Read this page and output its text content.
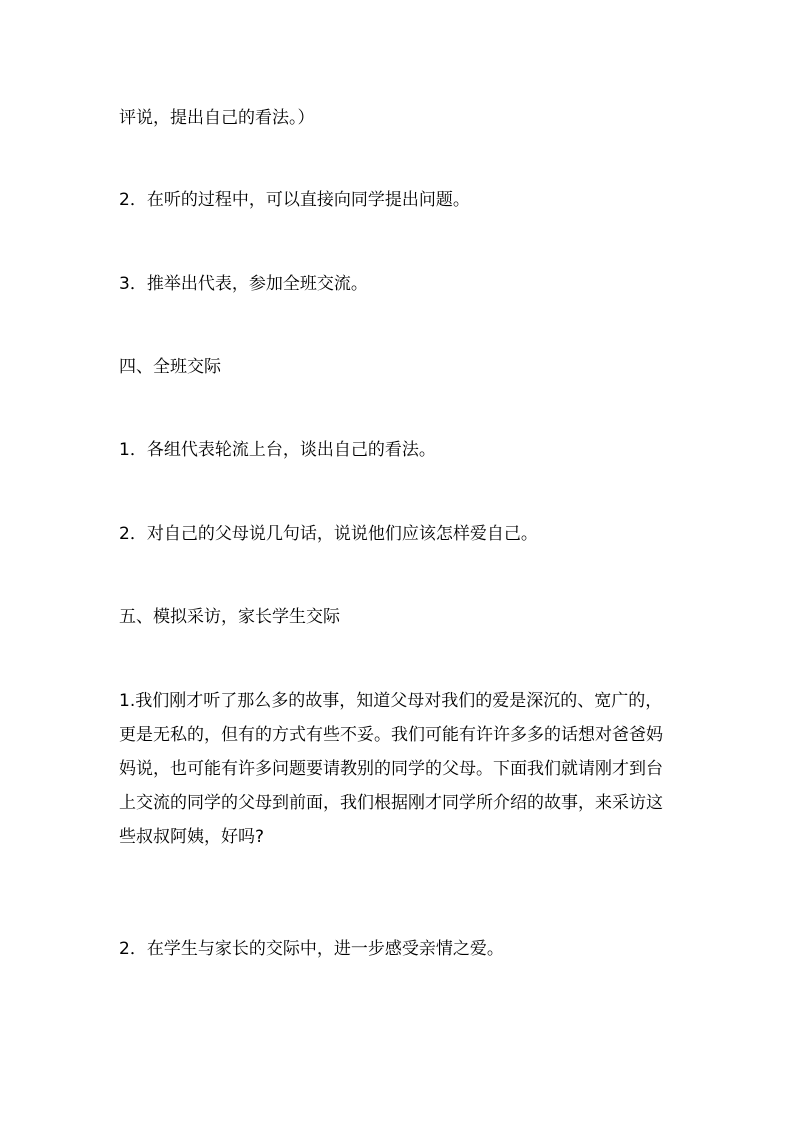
评说，提出自己的看法。）

2．在听的过程中，可以直接向同学提出问题。

3．推举出代表，参加全班交流。

四、全班交际

1．各组代表轮流上台，谈出自己的看法。

2．对自己的父母说几句话，说说他们应该怎样爱自己。

五、模拟采访，家长学生交际

1.我们刚才听了那么多的故事，知道父母对我们的爱是深沉的、宽广的，更是无私的，但有的方式有些不妥。我们可能有许许多多的话想对爸爸妈妈说，也可能有许多问题要请教别的同学的父母。下面我们就请刚才到台上交流的同学的父母到前面，我们根据刚才同学所介绍的故事，来采访这些叔叔阿姨，好吗?

2．在学生与家长的交际中，进一步感受亲情之爱。
